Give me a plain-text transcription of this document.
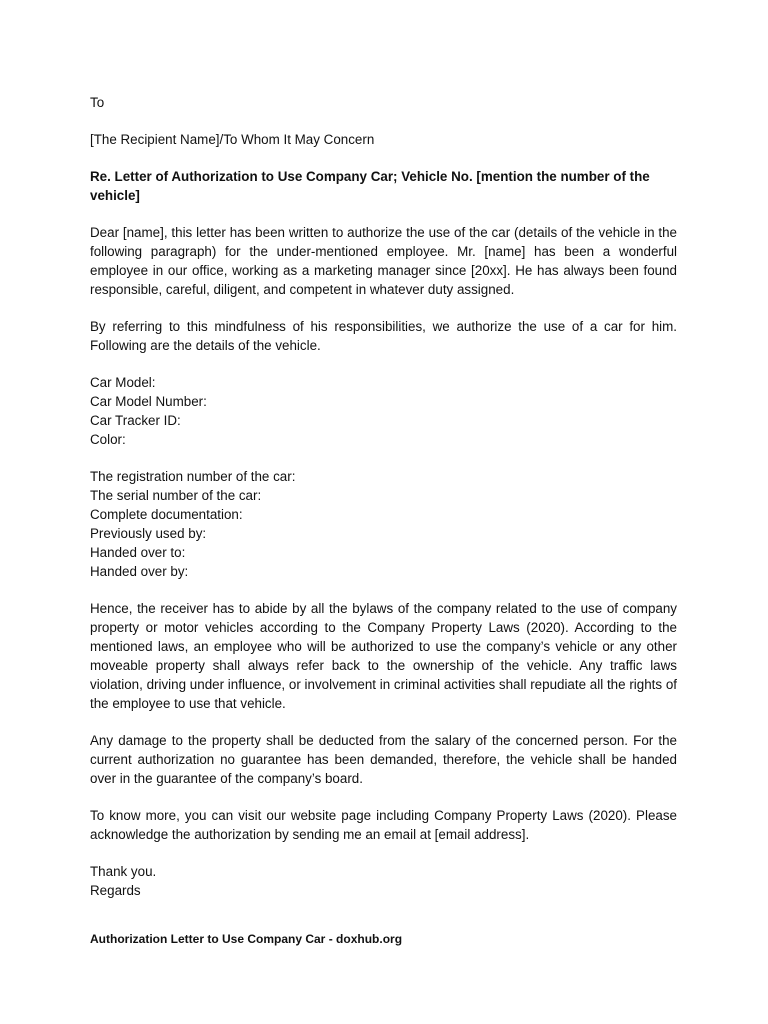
To

[The Recipient Name]/To Whom It May Concern

Re. Letter of Authorization to Use Company Car; Vehicle No. [mention the number of the vehicle]

Dear [name], this letter has been written to authorize the use of the car (details of the vehicle in the following paragraph) for the under-mentioned employee. Mr. [name] has been a wonderful employee in our office, working as a marketing manager since [20xx]. He has always been found responsible, careful, diligent, and competent in whatever duty assigned.

By referring to this mindfulness of his responsibilities, we authorize the use of a car for him. Following are the details of the vehicle.

Car Model:
Car Model Number:
Car Tracker ID:
Color:
The registration number of the car:
The serial number of the car:
Complete documentation:
Previously used by:
Handed over to:
Handed over by:

Hence, the receiver has to abide by all the bylaws of the company related to the use of company property or motor vehicles according to the Company Property Laws (2020). According to the mentioned laws, an employee who will be authorized to use the company’s vehicle or any other moveable property shall always refer back to the ownership of the vehicle. Any traffic laws violation, driving under influence, or involvement in criminal activities shall repudiate all the rights of the employee to use that vehicle.

Any damage to the property shall be deducted from the salary of the concerned person. For the current authorization no guarantee has been demanded, therefore, the vehicle shall be handed over in the guarantee of the company’s board.

To know more, you can visit our website page including Company Property Laws (2020). Please acknowledge the authorization by sending me an email at [email address].

Thank you.

Regards

Authorization Letter to Use Company Car - doxhub.org
